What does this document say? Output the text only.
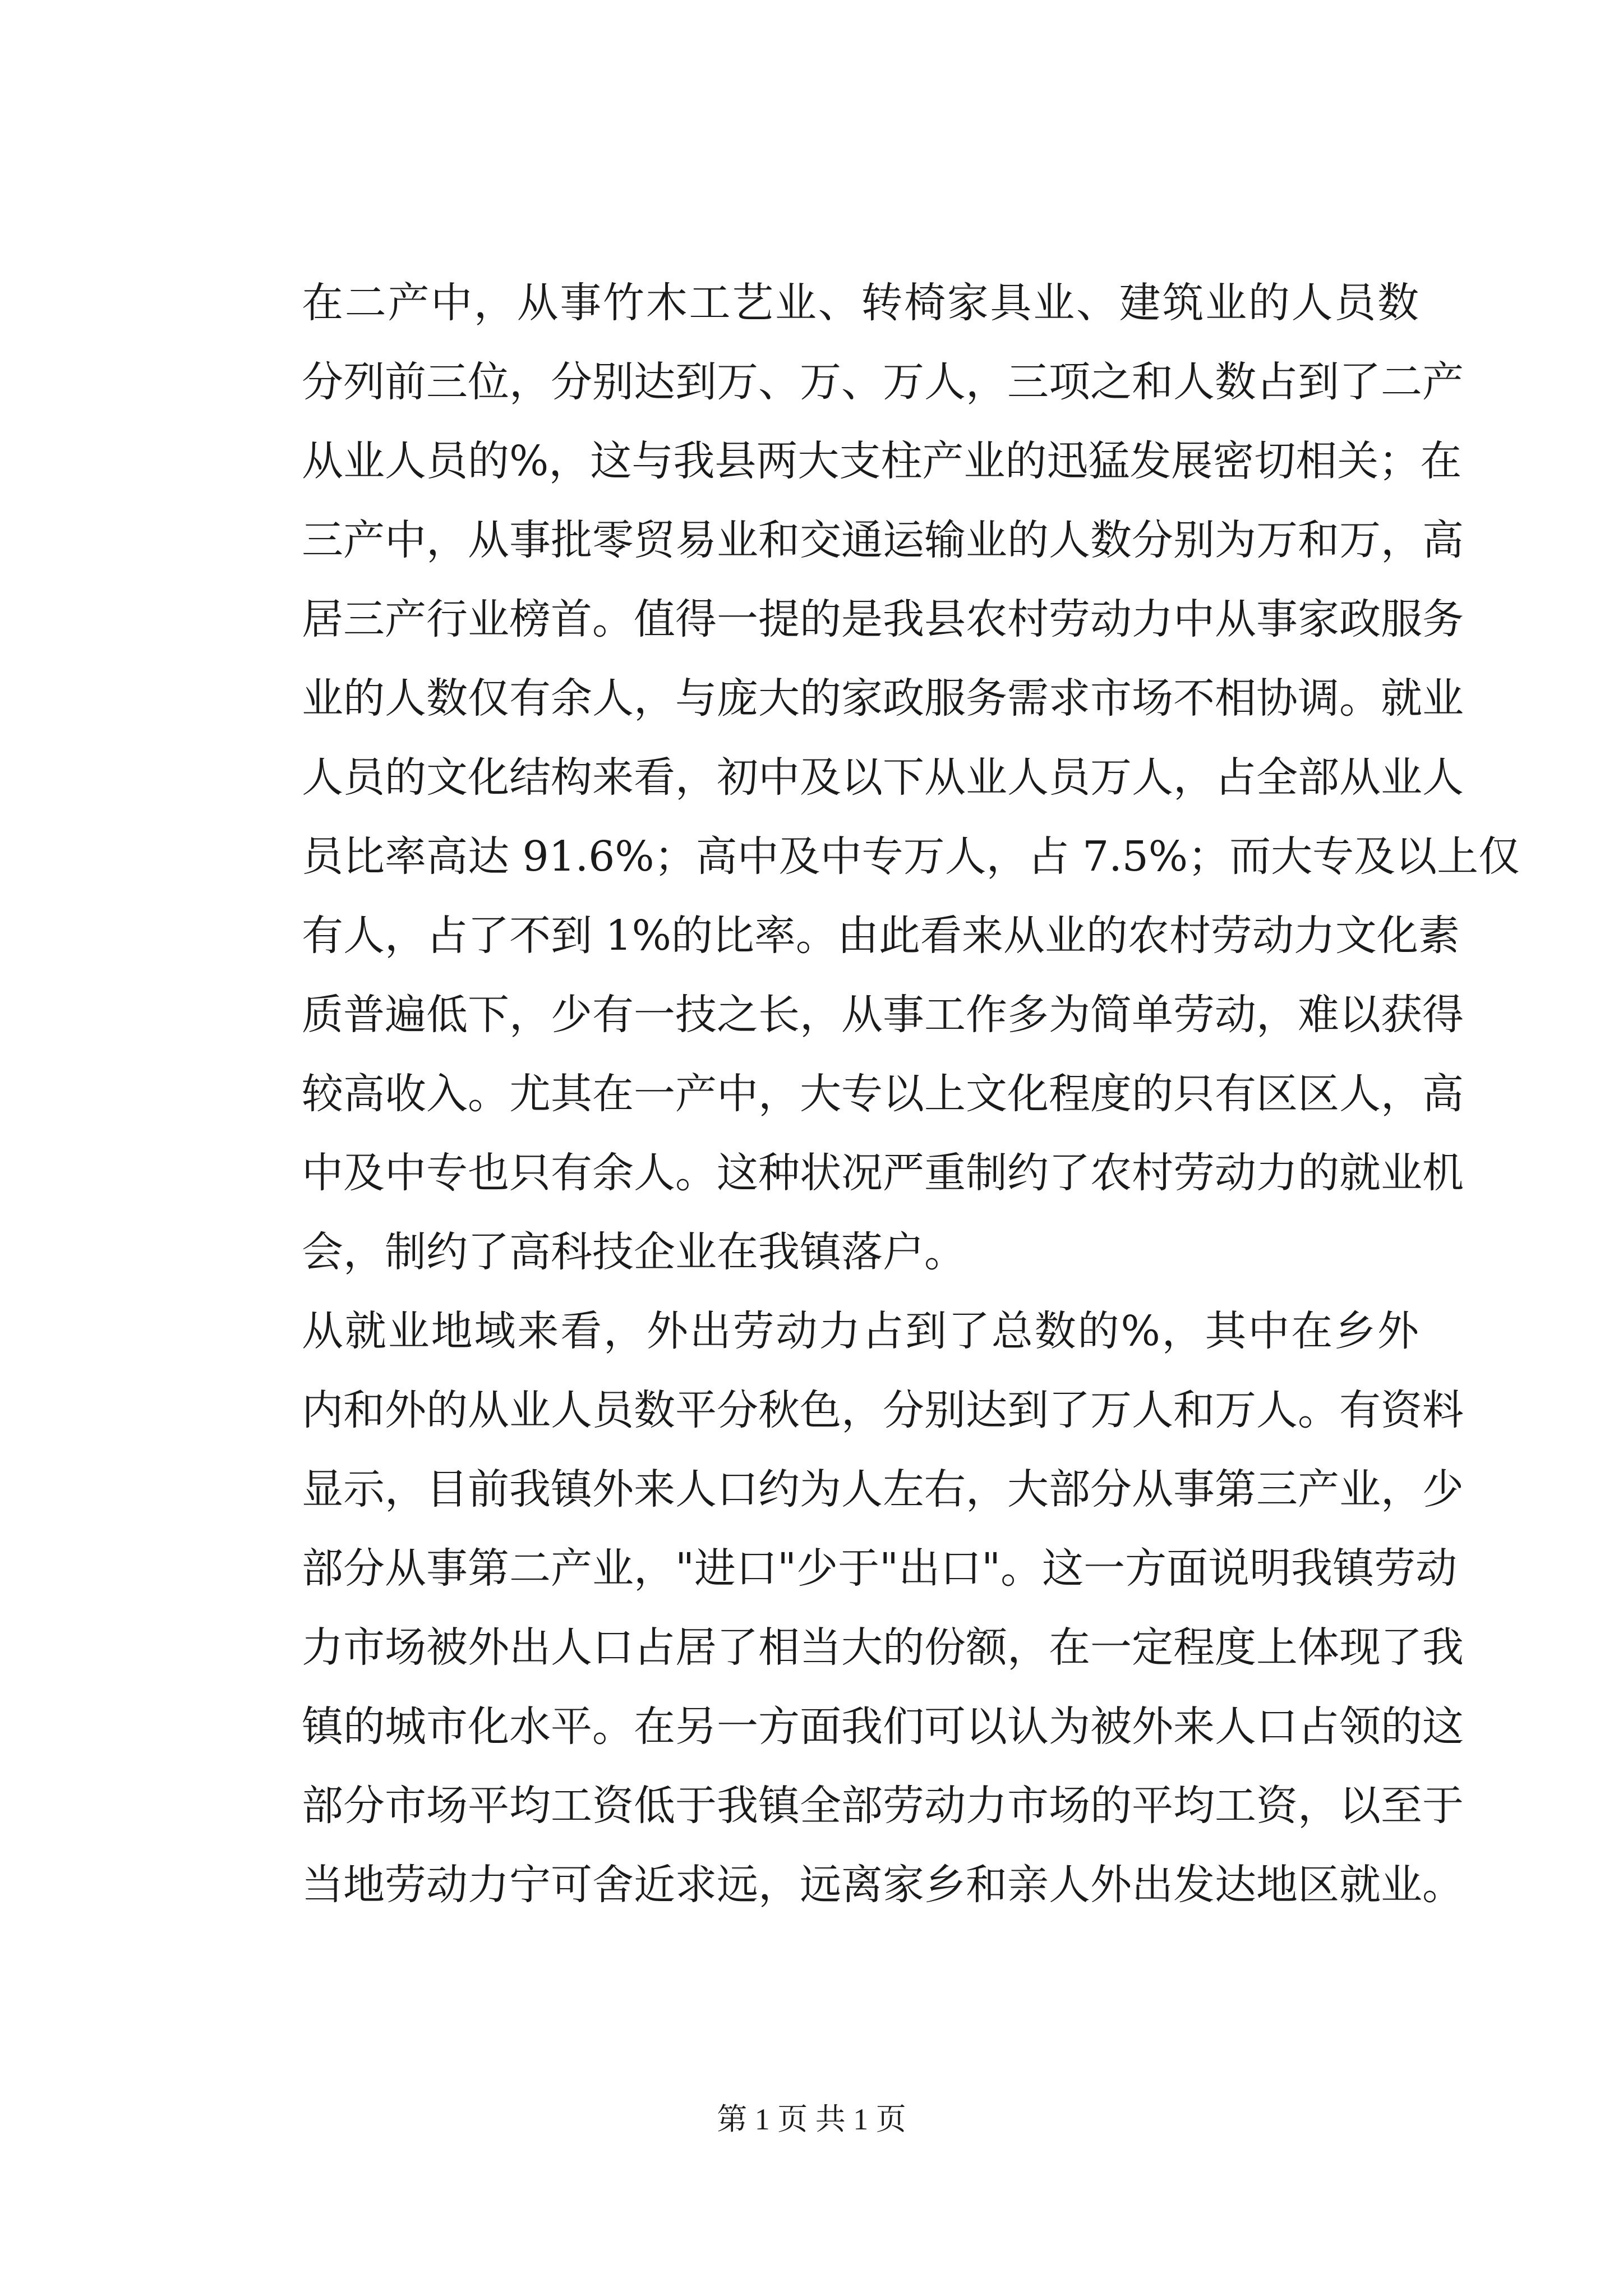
在二产中，从事竹木工艺业、转椅家具业、建筑业的人员数
分列前三位，分别达到万、万、万人，三项之和人数占到了二产
从业人员的%，这与我县两大支柱产业的迅猛发展密切相关；在
三产中，从事批零贸易业和交通运输业的人数分别为万和万，高
居三产行业榜首。值得一提的是我县农村劳动力中从事家政服务
业的人数仅有余人，与庞大的家政服务需求市场不相协调。就业
人员的文化结构来看，初中及以下从业人员万人，占全部从业人
员比率高达 91.6%；高中及中专万人，占 7.5%；而大专及以上仅
有人，占了不到 1%的比率。由此看来从业的农村劳动力文化素
质普遍低下，少有一技之长，从事工作多为简单劳动，难以获得
较高收入。尤其在一产中，大专以上文化程度的只有区区人，高
中及中专也只有余人。这种状况严重制约了农村劳动力的就业机
会，制约了高科技企业在我镇落户。

从就业地域来看，外出劳动力占到了总数的%，其中在乡外
内和外的从业人员数平分秋色，分别达到了万人和万人。有资料
显示，目前我镇外来人口约为人左右，大部分从事第三产业，少
部分从事第二产业，"进口"少于"出口"。这一方面说明我镇劳动
力市场被外出人口占居了相当大的份额，在一定程度上体现了我
镇的城市化水平。在另一方面我们可以认为被外来人口占领的这
部分市场平均工资低于我镇全部劳动力市场的平均工资，以至于
当地劳动力宁可舍近求远，远离家乡和亲人外出发达地区就业。

第 1 页 共 1 页
